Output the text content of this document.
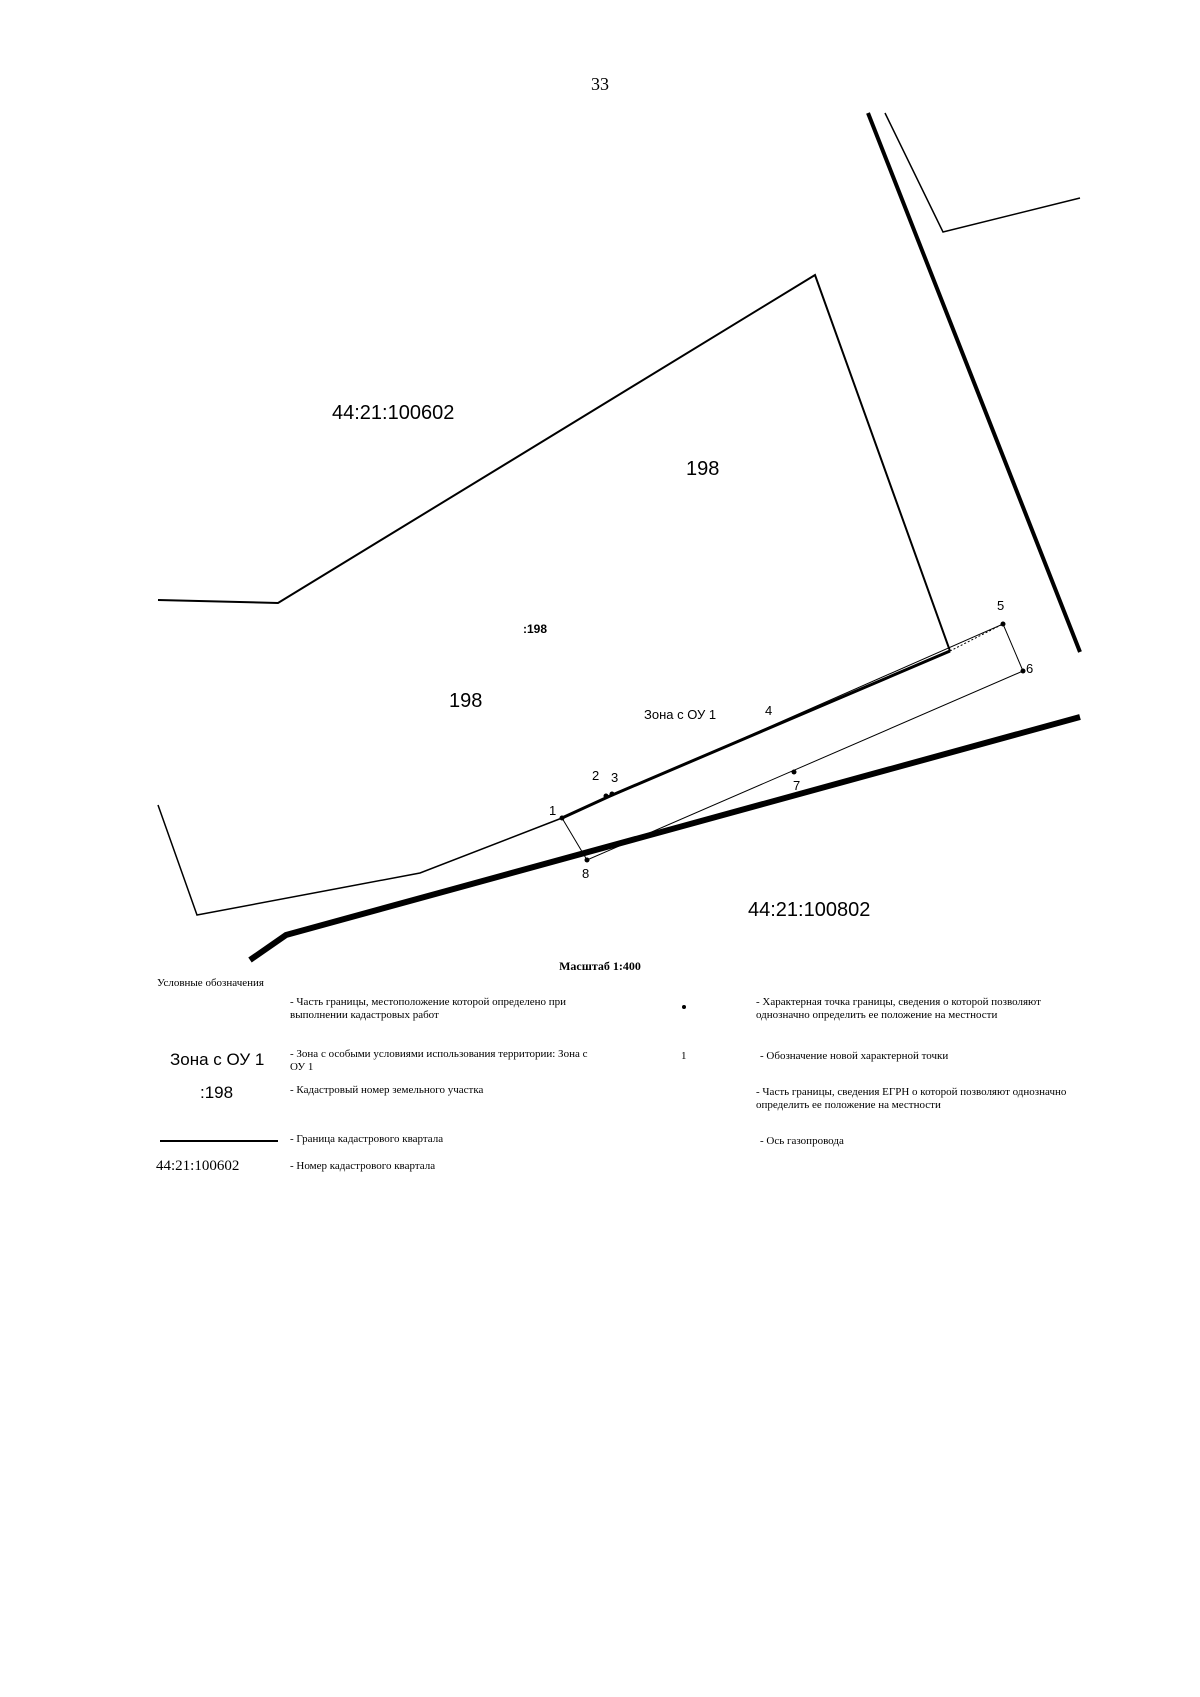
33
44:21:100602
44:21:100802
198
198
:198
Зона с ОУ 1
1
2 3
4
5
6
7
8
Масштаб 1:400
Условные обозначения
- Часть границы, местоположение которой определено при выполнении кадастровых работ
Зона с ОУ 1 - Зона с особыми условиями использования территории: Зона с ОУ 1
:198	- Кадастровый номер земельного участка
- Граница кадастрового квартала
44:21:100602	- Номер кадастрового квартала
- Характерная точка границы, сведения о которой позволяют однозначно определить ее положение на местности
1	- Обозначение новой характерной точки
- Часть границы, сведения ЕГРН о которой позволяют однозначно определить ее положение на местности
- Ось газопровода
